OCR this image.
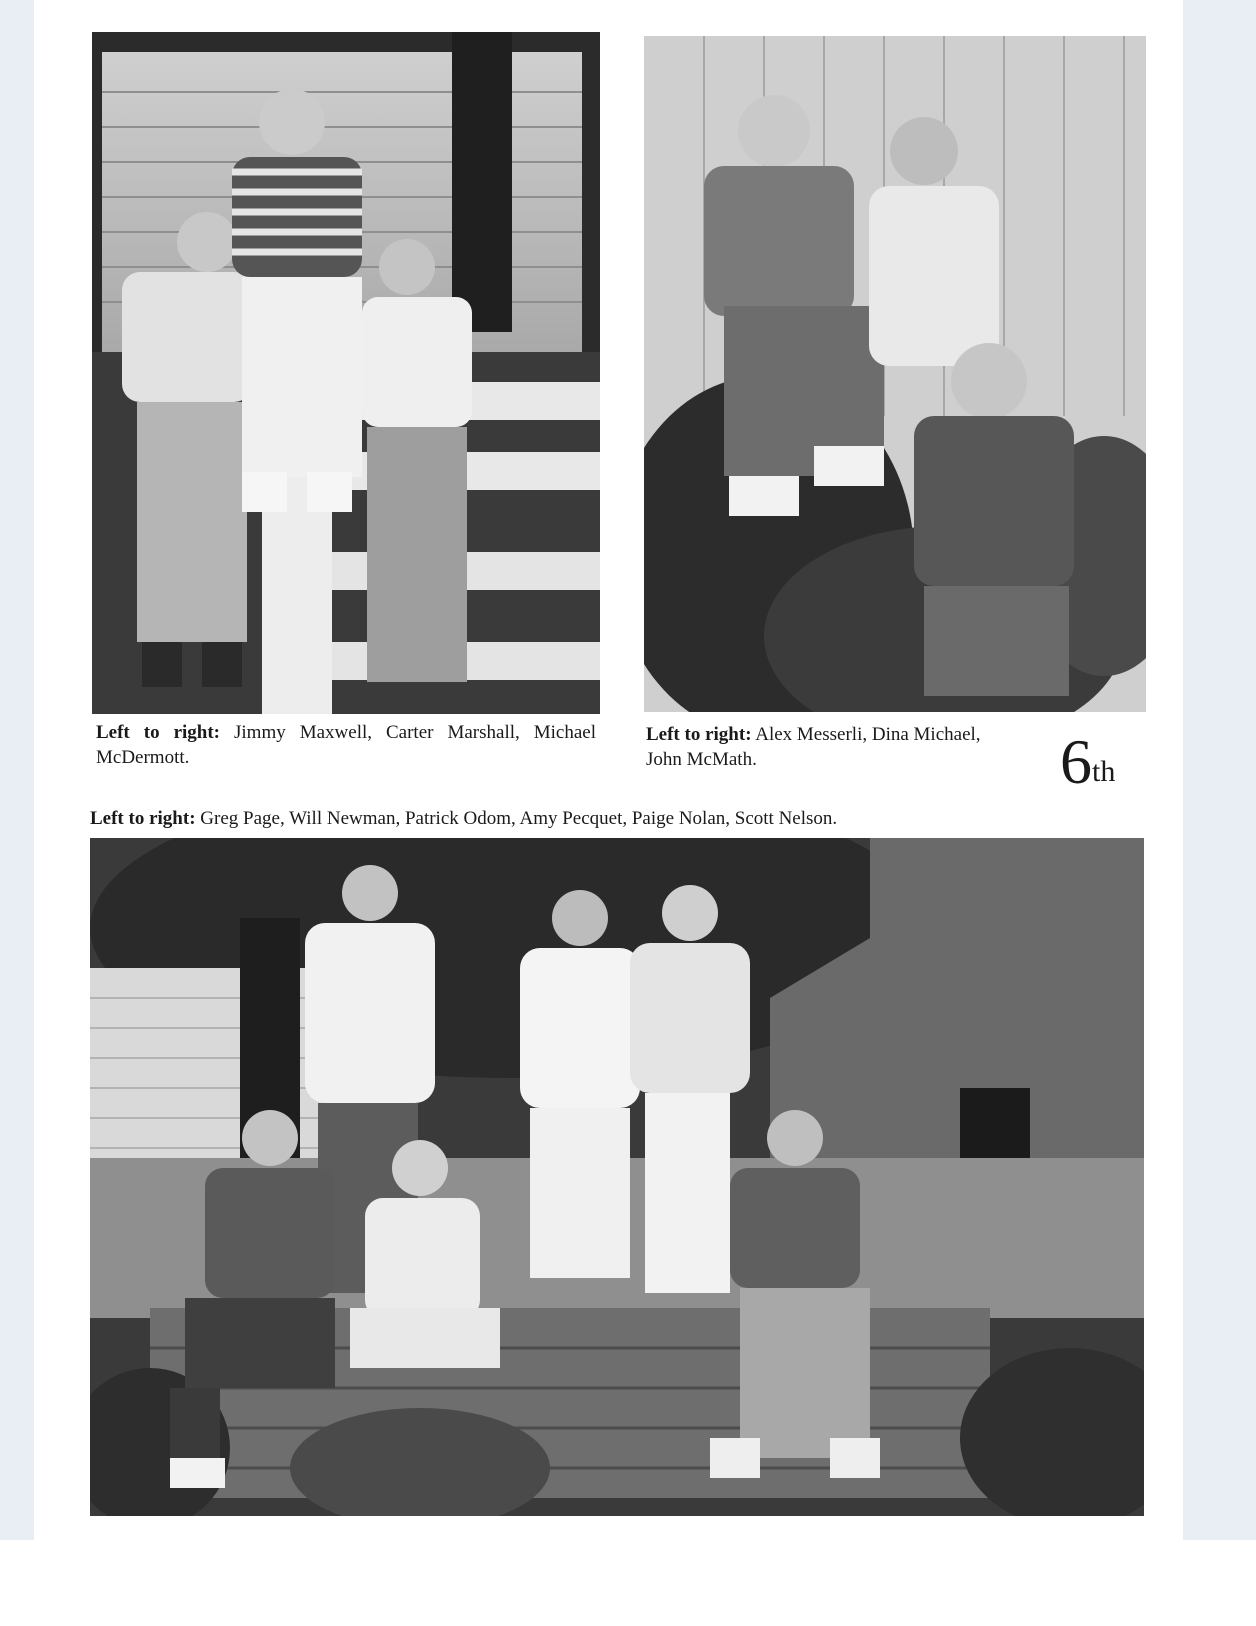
Left to right: Jimmy Maxwell, Carter Marshall, Michael McDermott.
Left to right: Alex Messerli, Dina Michael, John McMath.	6th
Left to right: Greg Page, Will Newman, Patrick Odom, Amy Pecquet, Paige Nolan, Scott Nelson.
